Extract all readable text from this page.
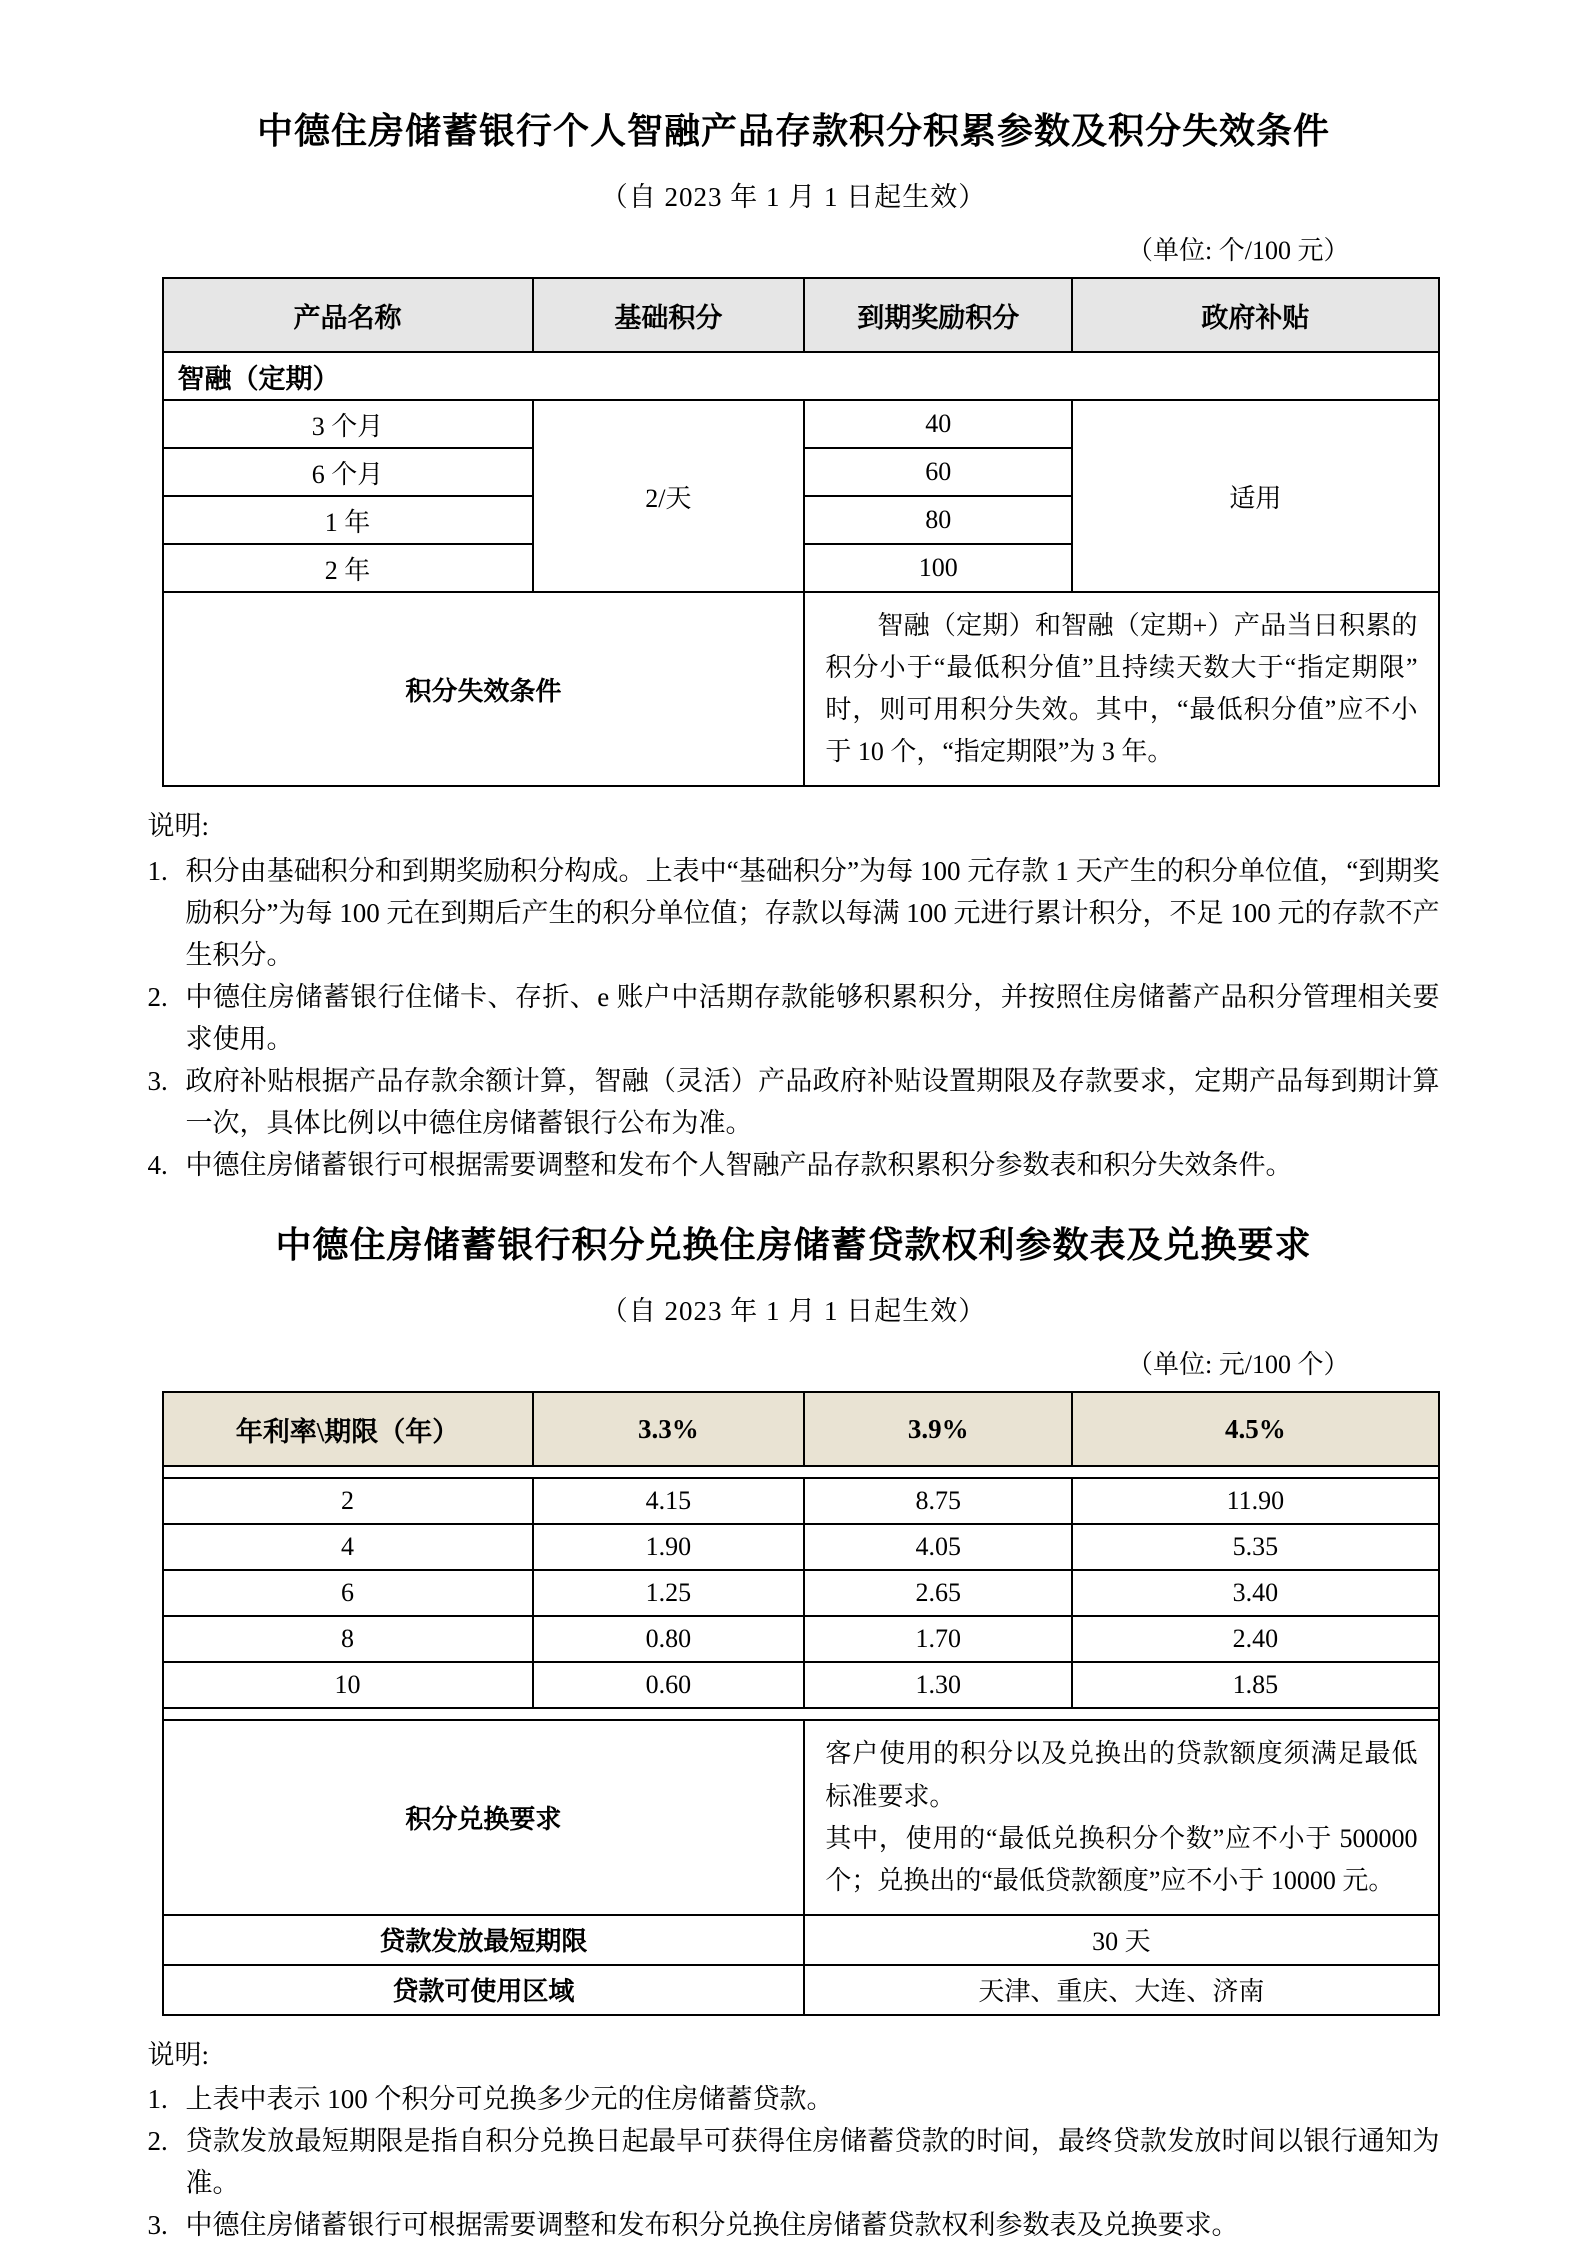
中德住房储蓄银行个人智融产品存款积分积累参数及积分失效条件
（自 2023 年 1 月 1 日起生效）
（单位: 个/100 元）
产品名称	基础积分	到期奖励积分	政府补贴
智融（定期）			
3 个月	2/天	40	适用
6 个月		60	
1 年		80	
2 年		100	
积分失效条件		智融（定期）和智融（定期+）产品当日积累的积分小于“最低积分值”且持续天数大于“指定期限”时，则可用积分失效。其中，“最低积分值”应不小于 10 个，“指定期限”为 3 年。	
说明:
1. 积分由基础积分和到期奖励积分构成。上表中“基础积分”为每 100 元存款 1 天产生的积分单位值，“到期奖励积分”为每 100 元在到期后产生的积分单位值；存款以每满 100 元进行累计积分，不足 100 元的存款不产生积分。
2. 中德住房储蓄银行住储卡、存折、e 账户中活期存款能够积累积分，并按照住房储蓄产品积分管理相关要求使用。
3. 政府补贴根据产品存款余额计算，智融（灵活）产品政府补贴设置期限及存款要求，定期产品每到期计算一次，具体比例以中德住房储蓄银行公布为准。
4. 中德住房储蓄银行可根据需要调整和发布个人智融产品存款积累积分参数表和积分失效条件。
中德住房储蓄银行积分兑换住房储蓄贷款权利参数表及兑换要求
（自 2023 年 1 月 1 日起生效）
（单位: 元/100 个）
年利率\期限（年）	3.3%	3.9%	4.5%

2	4.15	8.75	11.90
4	1.90	4.05	5.35
6	1.25	2.65	3.40
8	0.80	1.70	2.40
10	0.60	1.30	1.85

积分兑换要求		客户使用的积分以及兑换出的贷款额度须满足最低标准要求。

其中，使用的“最低兑换积分个数”应不小于 500000 个；兑换出的“最低贷款额度”应不小于 10000 元。	

贷款发放最短期限		30 天	
贷款可使用区域		天津、重庆、大连、济南	
说明:
1. 上表中表示 100 个积分可兑换多少元的住房储蓄贷款。
2. 贷款发放最短期限是指自积分兑换日起最早可获得住房储蓄贷款的时间，最终贷款发放时间以银行通知为准。
3. 中德住房储蓄银行可根据需要调整和发布积分兑换住房储蓄贷款权利参数表及兑换要求。
